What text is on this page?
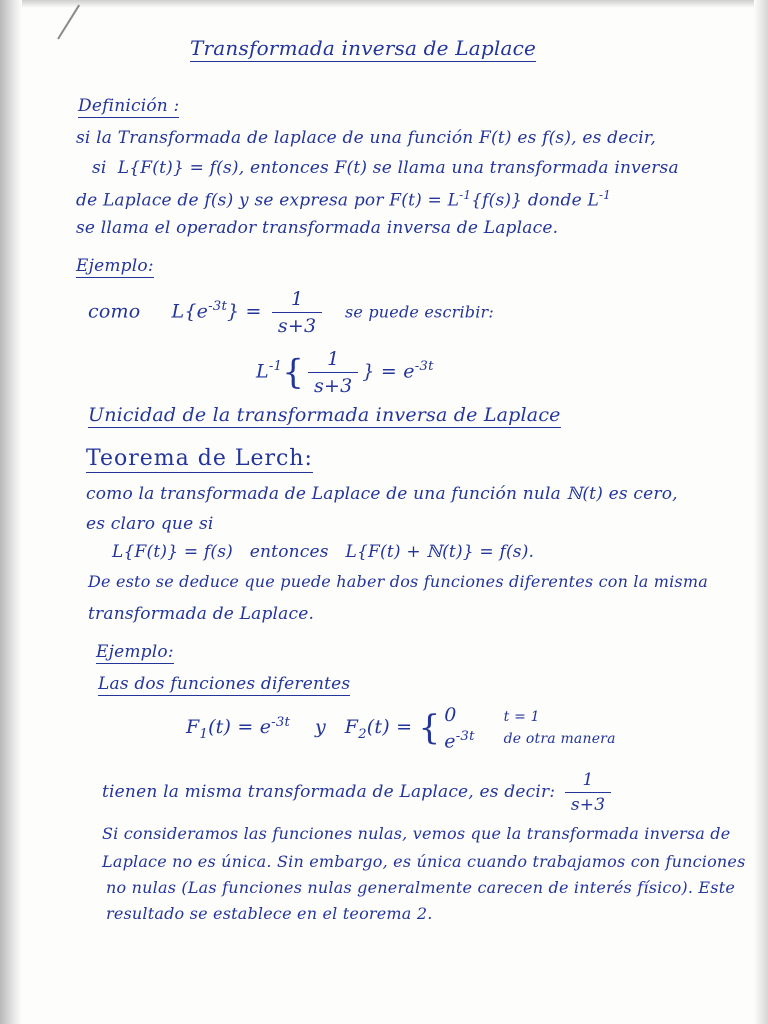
Transformada inversa de Laplace
Definición :
si la Transformada de laplace de una función F(t) es f(s), es decir,
si L{F(t)} = f(s), entonces F(t) se llama una transformada inversa
de Laplace de f(s) y se expresa por $F(t) = L^{-1}\{f(s)\}$ donde $L^{-1}$
se llama el operador transformada inversa de Laplace.
Ejemplo:
como $L\{e^{-3t}\} = \frac{1}{s+3}$ se puede escribir:
$L^{-1}\{ \frac{1}{s+3}$ } = $e^{-3t}$
Unicidad de la transformada inversa de Laplace
Teorema de Lerch:
como la transformada de Laplace de una función nula ℕ(t) es cero,
es claro que si
L{F(t)} = f(s) entonces L{F(t) + ℕ(t)} = f(s).
De esto se deduce que puede haber dos funciones diferentes con la misma
transformada de Laplace.
Ejemplo:
Las dos funciones diferentes
$F_1(t) = e^{-3t}$ y $F_2(t)$ = { 0
$e^{-3t}$    t = 1
de otra manera
tienen la misma transformada de Laplace, es decir: $\frac{1}{s+3}$
Si consideramos las funciones nulas, vemos que la transformada inversa de
Laplace no es única. Sin embargo, es única cuando trabajamos con funciones
no nulas (Las funciones nulas generalmente carecen de interés físico). Este
resultado se establece en el teorema 2.
